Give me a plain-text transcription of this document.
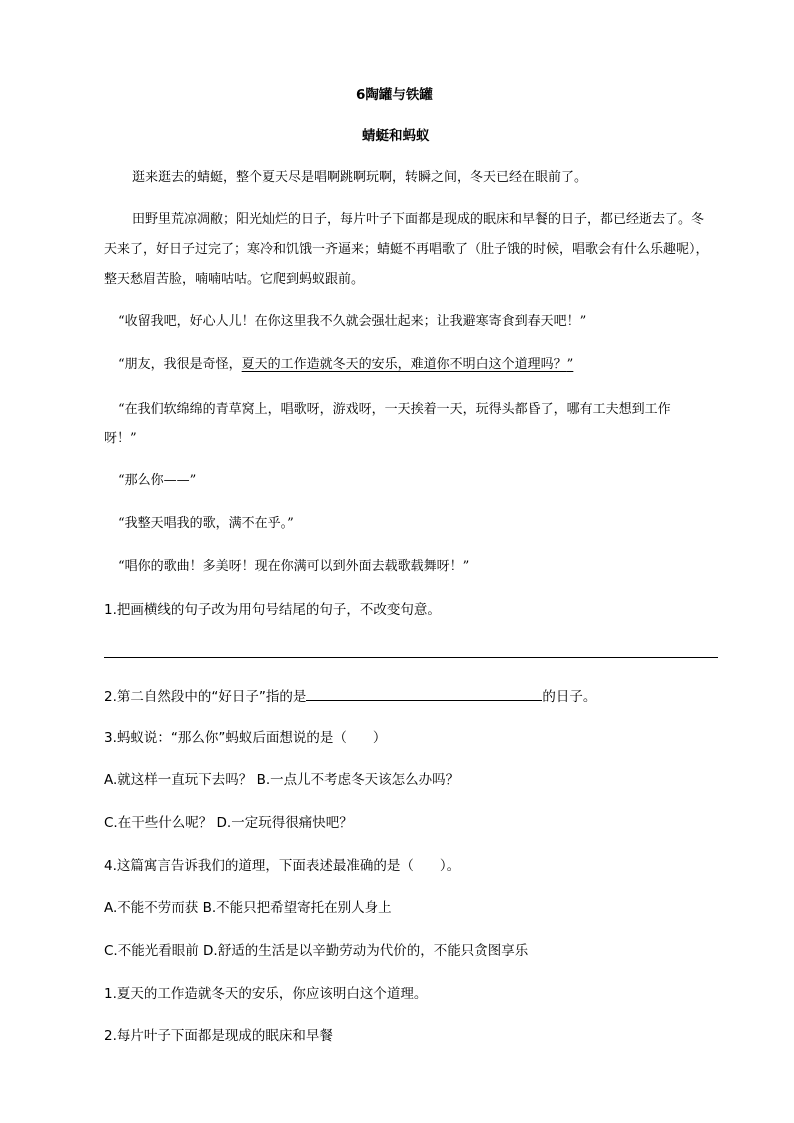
6陶罐与铁罐
蜻蜓和蚂蚁
逛来逛去的蜻蜓，整个夏天尽是唱啊跳啊玩啊，转瞬之间，冬天已经在眼前了。
田野里荒凉凋敝；阳光灿烂的日子，每片叶子下面都是现成的眠床和早餐的日子，都已经逝去了。冬
天来了，好日子过完了；寒冷和饥饿一齐逼来；蜻蜓不再唱歌了（肚子饿的时候，唱歌会有什么乐趣呢），
整天愁眉苦脸，喃喃咕咕。它爬到蚂蚁跟前。
“收留我吧，好心人儿！在你这里我不久就会强壮起来；让我避寒寄食到春天吧！”
“朋友，我很是奇怪，夏天的工作造就冬天的安乐，难道你不明白这个道理吗？”
“在我们软绵绵的青草窝上，唱歌呀，游戏呀，一天挨着一天，玩得头都昏了，哪有工夫想到工作
呀！”
“那么你——”
“我整天唱我的歌，满不在乎。”
“唱你的歌曲！多美呀！现在你满可以到外面去载歌载舞呀！”
1.把画横线的句子改为用句号结尾的句子，不改变句意。
2.第二自然段中的“好日子”指的是	的日子。
3.蚂蚁说：“那么你”蚂蚁后面想说的是（ ）
A.就这样一直玩下去吗？ B.一点儿不考虑冬天该怎么办吗？
C.在干些什么呢？ D.一定玩得很痛快吧？
4.这篇寓言告诉我们的道理，下面表述最准确的是（ ）。
A.不能不劳而获 B.不能只把希望寄托在别人身上
C.不能光看眼前 D.舒适的生活是以辛勤劳动为代价的，不能只贪图享乐
1.夏天的工作造就冬天的安乐，你应该明白这个道理。
2.每片叶子下面都是现成的眠床和早餐
